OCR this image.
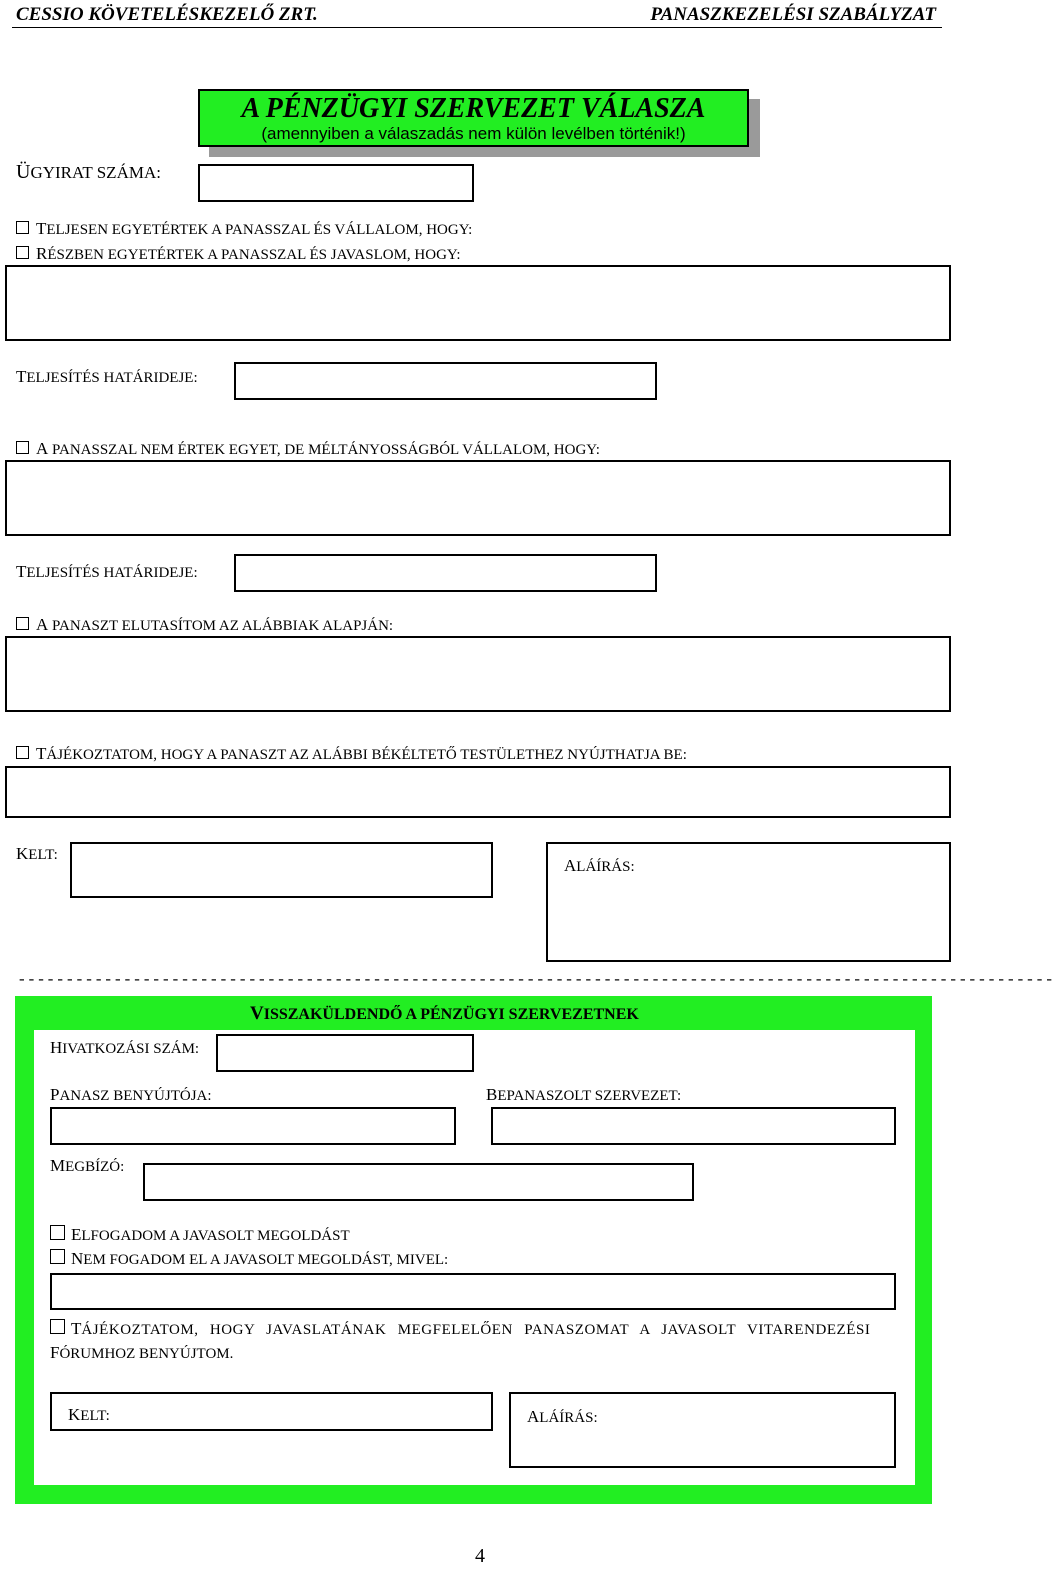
CESSIO KÖVETELÉSKEZELŐ ZRT.	PANASZKEZELÉSI SZABÁLYZAT
A PÉNZÜGYI SZERVEZET VÁLASZA
(amennyiben a válaszadás nem külön levélben történik!)
ÜGYIRAT SZÁMA:
TELJESEN EGYETÉRTEK A PANASSZAL ÉS VÁLLALOM, HOGY:
RÉSZBEN EGYETÉRTEK A PANASSZAL ÉS JAVASLOM, HOGY:
TELJESÍTÉS HATÁRIDEJE:
A PANASSZAL NEM ÉRTEK EGYET, DE MÉLTÁNYOSSÁGBÓL VÁLLALOM, HOGY:
TELJESÍTÉS HATÁRIDEJE:
A PANASZT ELUTASÍTOM AZ ALÁBBIAK ALAPJÁN:
TÁJÉKOZTATOM, HOGY A PANASZT AZ ALÁBBI BÉKÉLTETŐ TESTÜLETHEZ NYÚJTHATJA BE:
KELT:
ALÁÍRÁS:
------------------------------------------------------------------------------------------------------------
VISSZAKÜLDENDŐ A PÉNZÜGYI SZERVEZETNEK
HIVATKOZÁSI SZÁM:
PANASZ BENYÚJTÓJA:	BEPANASZOLT SZERVEZET:
MEGBÍZÓ:
ELFOGADOM A JAVASOLT MEGOLDÁST
NEM FOGADOM EL A JAVASOLT MEGOLDÁST, MIVEL:
TÁJÉKOZTATOM, HOGY JAVASLATÁNAK MEGFELELŐEN PANASZOMAT A JAVASOLT VITARENDEZÉSI
FÓRUMHOZ BENYÚJTOM.
KELT:	ALÁÍRÁS:
4
